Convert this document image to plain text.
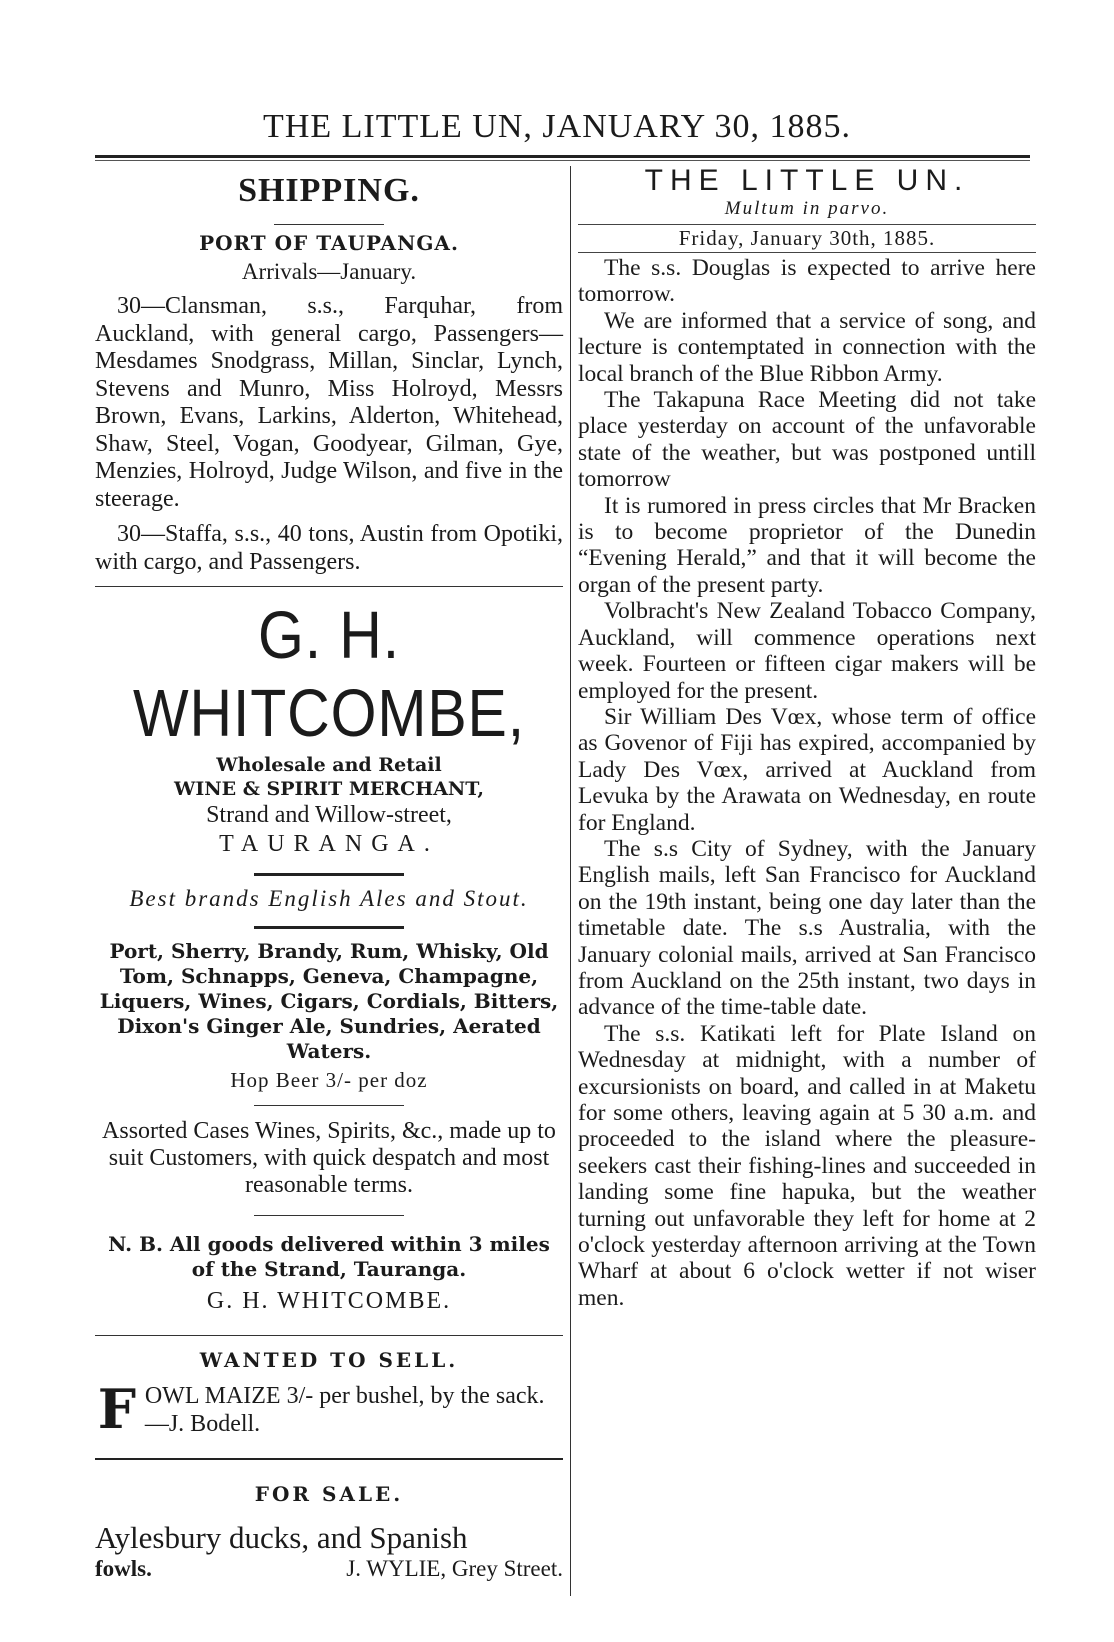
THE LITTLE UN, JANUARY 30, 1885.
SHIPPING.
PORT OF TAUPANGA.
Arrivals—January.

30—Clansman, s.s., Farquhar, from Auckland, with general cargo, Passengers— Mesdames Snodgrass, Millan, Sinclar, Lynch, Stevens and Munro, Miss Holroyd, Messrs Brown, Evans, Larkins, Alderton, Whitehead, Shaw, Steel, Vogan, Goodyear, Gilman, Gye, Menzies, Holroyd, Judge Wilson, and five in the steerage.

30—Staffa, s.s., 40 tons, Austin from Opotiki, with cargo, and Passengers.

G. H. WHITCOMBE,
Wholesale and Retail
WINE & SPIRIT MERCHANT,
Strand and Willow-street,
TAURANGA.
Best brands English Ales and Stout.
Port, Sherry, Brandy, Rum, Whisky, Old Tom, Schnapps, Geneva, Champagne, Liquers, Wines, Cigars, Cordials, Bitters, Dixon's Ginger Ale, Sundries, Aerated Waters.
Hop Beer 3/- per doz
Assorted Cases Wines, Spirits, &c., made up to suit Customers, with quick despatch and most reasonable terms.
N. B. All goods delivered within 3 miles of the Strand, Tauranga.
G. H. WHITCOMBE.
WANTED TO SELL.
F OWL MAIZE 3/- per bushel, by the sack.—J. Bodell.
FOR SALE.
Aylesbury ducks, and Spanish
fowls.	J. WYLIE, Grey Street.
THE LITTLE UN.
Multum in parvo.
Friday, January 30th, 1885.

The s.s. Douglas is expected to arrive here tomorrow.

We are informed that a service of song, and lecture is contemptated in connection with the local branch of the Blue Ribbon Army.

The Takapuna Race Meeting did not take place yesterday on account of the unfavorable state of the weather, but was postponed untill tomorrow

It is rumored in press circles that Mr Bracken is to become proprietor of the Dunedin “Evening Herald,” and that it will become the organ of the present party.

Volbracht's New Zealand Tobacco Company, Auckland, will commence operations next week. Fourteen or fifteen cigar makers will be employed for the present.

Sir William Des Vœx, whose term of office as Govenor of Fiji has expired, accompanied by Lady Des Vœx, arrived at Auckland from Levuka by the Arawata on Wednesday, en route for England.

The s.s City of Sydney, with the January English mails, left San Francisco for Auckland on the 19th instant, being one day later than the timetable date. The s.s Australia, with the January colonial mails, arrived at San Francisco from Auckland on the 25th instant, two days in advance of the time-table date.

The s.s. Katikati left for Plate Island on Wednesday at midnight, with a number of excursionists on board, and called in at Maketu for some others, leaving again at 5 30 a.m. and proceeded to the island where the pleasure-seekers cast their fishing-lines and succeeded in landing some fine hapuka, but the weather turning out unfavorable they left for home at 2 o'clock yesterday afternoon arriving at the Town Wharf at about 6 o'clock wetter if not wiser men.
